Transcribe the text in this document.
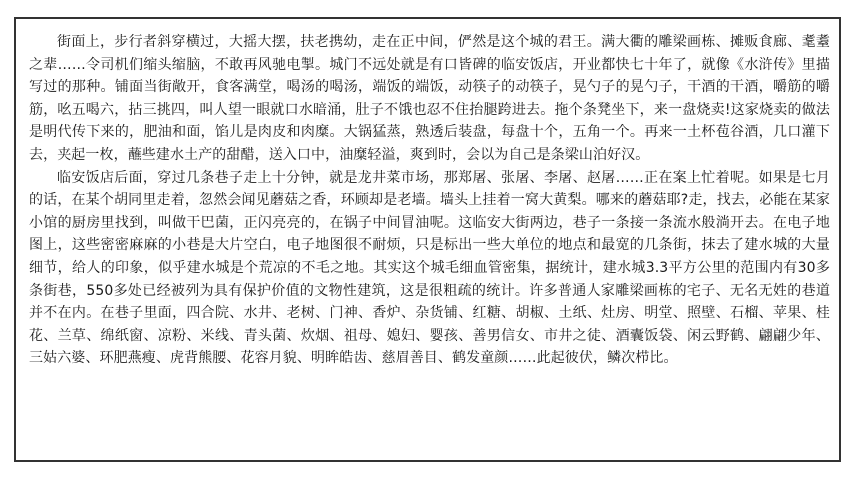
街面上，步行者斜穿横过，大摇大摆，扶老携幼，走在正中间，俨然是这个城的君王。满大衢的雕梁画栋、摊贩食廊、耄耋之辈……令司机们缩头缩脑，不敢再风驰电掣。城门不远处就是有口皆碑的临安饭店，开业都快七十年了，就像《水浒传》里描写过的那种。铺面当街敞开，食客满堂，喝汤的喝汤，端饭的端饭，动筷子的动筷子，晃勺子的晃勺子，干酒的干酒，嚼筋的嚼筋，吆五喝六，拈三挑四，叫人望一眼就口水暗涌，肚子不饿也忍不住抬腿跨进去。拖个条凳坐下，来一盘烧卖!这家烧卖的做法是明代传下来的，肥油和面，馅儿是肉皮和肉糜。大锅猛蒸，熟透后装盘，每盘十个，五角一个。再来一土杯苞谷酒，几口灌下去，夹起一枚，蘸些建水土产的甜醋，送入口中，油糜轻溢，爽到时，会以为自己是条梁山泊好汉。

临安饭店后面，穿过几条巷子走上十分钟，就是龙井菜市场，那郑屠、张屠、李屠、赵屠……正在案上忙着呢。如果是七月的话，在某个胡同里走着，忽然会闻见蘑菇之香，环顾却是老墙。墙头上挂着一窝大黄梨。哪来的蘑菇耶?走，找去，必能在某家小馆的厨房里找到，叫做干巴菌，正闪亮亮的，在锅子中间冒油呢。这临安大街两边，巷子一条接一条流水般淌开去。在电子地图上，这些密密麻麻的小巷是大片空白，电子地图很不耐烦，只是标出一些大单位的地点和最宽的几条街，抹去了建水城的大量细节，给人的印象，似乎建水城是个荒凉的不毛之地。其实这个城毛细血管密集，据统计，建水城3.3平方公里的范围内有30多条街巷，550多处已经被列为具有保护价值的文物性建筑，这是很粗疏的统计。许多普通人家雕梁画栋的宅子、无名无姓的巷道并不在内。在巷子里面，四合院、水井、老树、门神、香炉、杂货铺、红糖、胡椒、土纸、灶房、明堂、照壁、石榴、苹果、桂花、兰草、绵纸窗、凉粉、米线、青头菌、炊烟、祖母、媳妇、婴孩、善男信女、市井之徒、酒囊饭袋、闲云野鹤、翩翩少年、三姑六婆、环肥燕瘦、虎背熊腰、花容月貌、明眸皓齿、慈眉善目、鹤发童颜……此起彼伏，鳞次栉比。
